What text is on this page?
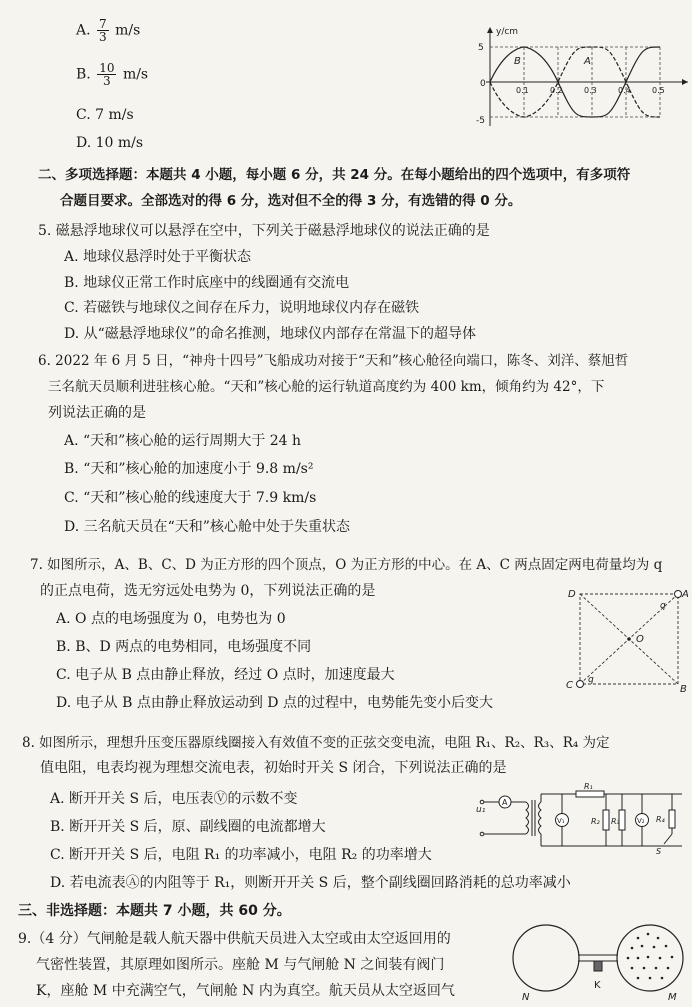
A. $\frac{7}{3} m/s$
B. $\frac{10}{3} m/s$
C. 7 m/s
D. 10 m/s
y/cm
5
0
-5
0.1	0.2	0.3	0.4	0.5
B	A
二、多项选择题：本题共 4 小题，每小题 6 分，共 24 分。在每小题给出的四个选项中，有多项符
合题目要求。全部选对的得 6 分，选对但不全的得 3 分，有选错的得 0 分。
5. 磁悬浮地球仪可以悬浮在空中，下列关于磁悬浮地球仪的说法正确的是
A. 地球仪悬浮时处于平衡状态
B. 地球仪正常工作时底座中的线圈通有交流电
C. 若磁铁与地球仪之间存在斥力，说明地球仪内存在磁铁
D. 从“磁悬浮地球仪”的命名推测，地球仪内部存在常温下的超导体
6. 2022 年 6 月 5 日，“神舟十四号”飞船成功对接于“天和”核心舱径向端口，陈冬、刘洋、蔡旭哲
三名航天员顺利进驻核心舱。“天和”核心舱的运行轨道高度约为 400 km，倾角约为 42°，下
列说法正确的是
A. “天和”核心舱的运行周期大于 24 h
B. “天和”核心舱的加速度小于 9.8 m/s²
C. “天和”核心舱的线速度大于 7.9 km/s
D. 三名航天员在“天和”核心舱中处于失重状态
7. 如图所示，A、B、C、D 为正方形的四个顶点，O 为正方形的中心。在 A、C 两点固定两电荷量均为 q
的正点电荷，选无穷远处电势为 0，下列说法正确的是
A. O 点的电场强度为 0，电势也为 0
B. B、D 两点的电势相同，电场强度不同
C. 电子从 B 点由静止释放，经过 O 点时，加速度最大
D. 电子从 B 点由静止释放运动到 D 点的过程中，电势能先变小后变大
D	A
q
O
C q
B
8. 如图所示，理想升压变压器原线圈接入有效值不变的正弦交变电流，电阻 R₁、R₂、R₃、R₄ 为定
值电阻，电表均视为理想交流电表，初始时开关 S 闭合，下列说法正确的是
A. 断开开关 S 后，电压表Ⓥ的示数不变
B. 断开开关 S 后，原、副线圈的电流都增大
C. 断开开关 S 后，电阻 R₁ 的功率减小，电阻 R₂ 的功率增大
D. 若电流表Ⓐ的内阻等于 R₁，则断开开关 S 后，整个副线圈回路消耗的总功率减小
u₁
A
R₁
V₁	R₂ R₃ V₂ R₄
S
三、非选择题：本题共 7 小题，共 60 分。
9.（4 分）气闸舱是载人航天器中供航天员进入太空或由太空返回用的
气密性装置，其原理如图所示。座舱 M 与气闸舱 N 之间装有阀门
K，座舱 M 中充满空气，气闸舱 N 内为真空。航天员从太空返回气	N
K
M
